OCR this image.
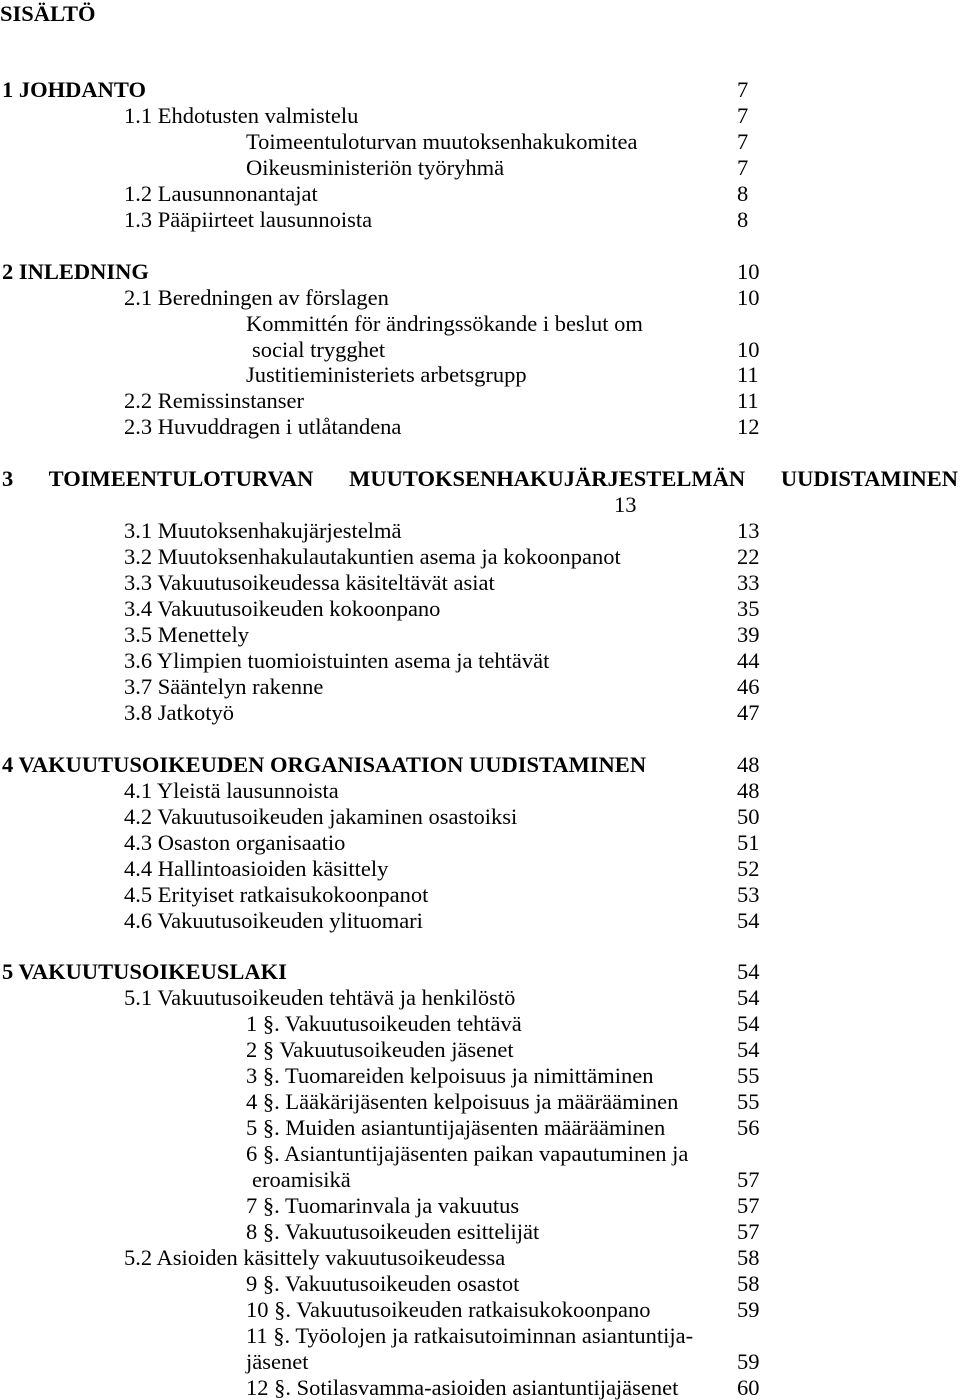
SISÄLTÖ
1 JOHDANTO	7
1.1 Ehdotusten valmistelu	7
Toimeentuloturvan muutoksenhakukomitea	7
Oikeusministeriön työryhmä	7
1.2 Lausunnonantajat	8
1.3 Pääpiirteet lausunnoista	8
2 INLEDNING	10
2.1 Beredningen av förslagen	10
Kommittén för ändringssökande i beslut om
social trygghet	10
Justitieministeriets arbetsgrupp	11
2.2 Remissinstanser	11
2.3 Huvuddragen i utlåtandena	12
3 TOIMEENTULOTURVAN MUUTOKSENHAKUJÄRJESTELMÄN UUDISTAMINEN
13
3.1 Muutoksenhakujärjestelmä	13
3.2 Muutoksenhakulautakuntien asema ja kokoonpanot	22
3.3 Vakuutusoikeudessa käsiteltävät asiat	33
3.4 Vakuutusoikeuden kokoonpano	35
3.5 Menettely	39
3.6 Ylimpien tuomioistuinten asema ja tehtävät	44
3.7 Sääntelyn rakenne	46
3.8 Jatkotyö	47
4 VAKUUTUSOIKEUDEN ORGANISAATION UUDISTAMINEN	48
4.1 Yleistä lausunnoista	48
4.2 Vakuutusoikeuden jakaminen osastoiksi	50
4.3 Osaston organisaatio	51
4.4 Hallintoasioiden käsittely	52
4.5 Erityiset ratkaisukokoonpanot	53
4.6 Vakuutusoikeuden ylituomari	54
5 VAKUUTUSOIKEUSLAKI	54
5.1 Vakuutusoikeuden tehtävä ja henkilöstö	54
1 §. Vakuutusoikeuden tehtävä	54
2 § Vakuutusoikeuden jäsenet	54
3 §. Tuomareiden kelpoisuus ja nimittäminen	55
4 §. Lääkärijäsenten kelpoisuus ja määrääminen	55
5 §. Muiden asiantuntijajäsenten määrääminen	56
6 §. Asiantuntijajäsenten paikan vapautuminen ja
eroamisikä	57
7 §. Tuomarinvala ja vakuutus	57
8 §. Vakuutusoikeuden esittelijät	57
5.2 Asioiden käsittely vakuutusoikeudessa	58
9 §. Vakuutusoikeuden osastot	58
10 §. Vakuutusoikeuden ratkaisukokoonpano	59
11 §. Työolojen ja ratkaisutoiminnan asiantuntija-
jäsenet	59
12 §. Sotilasvamma-asioiden asiantuntijajäsenet	60
